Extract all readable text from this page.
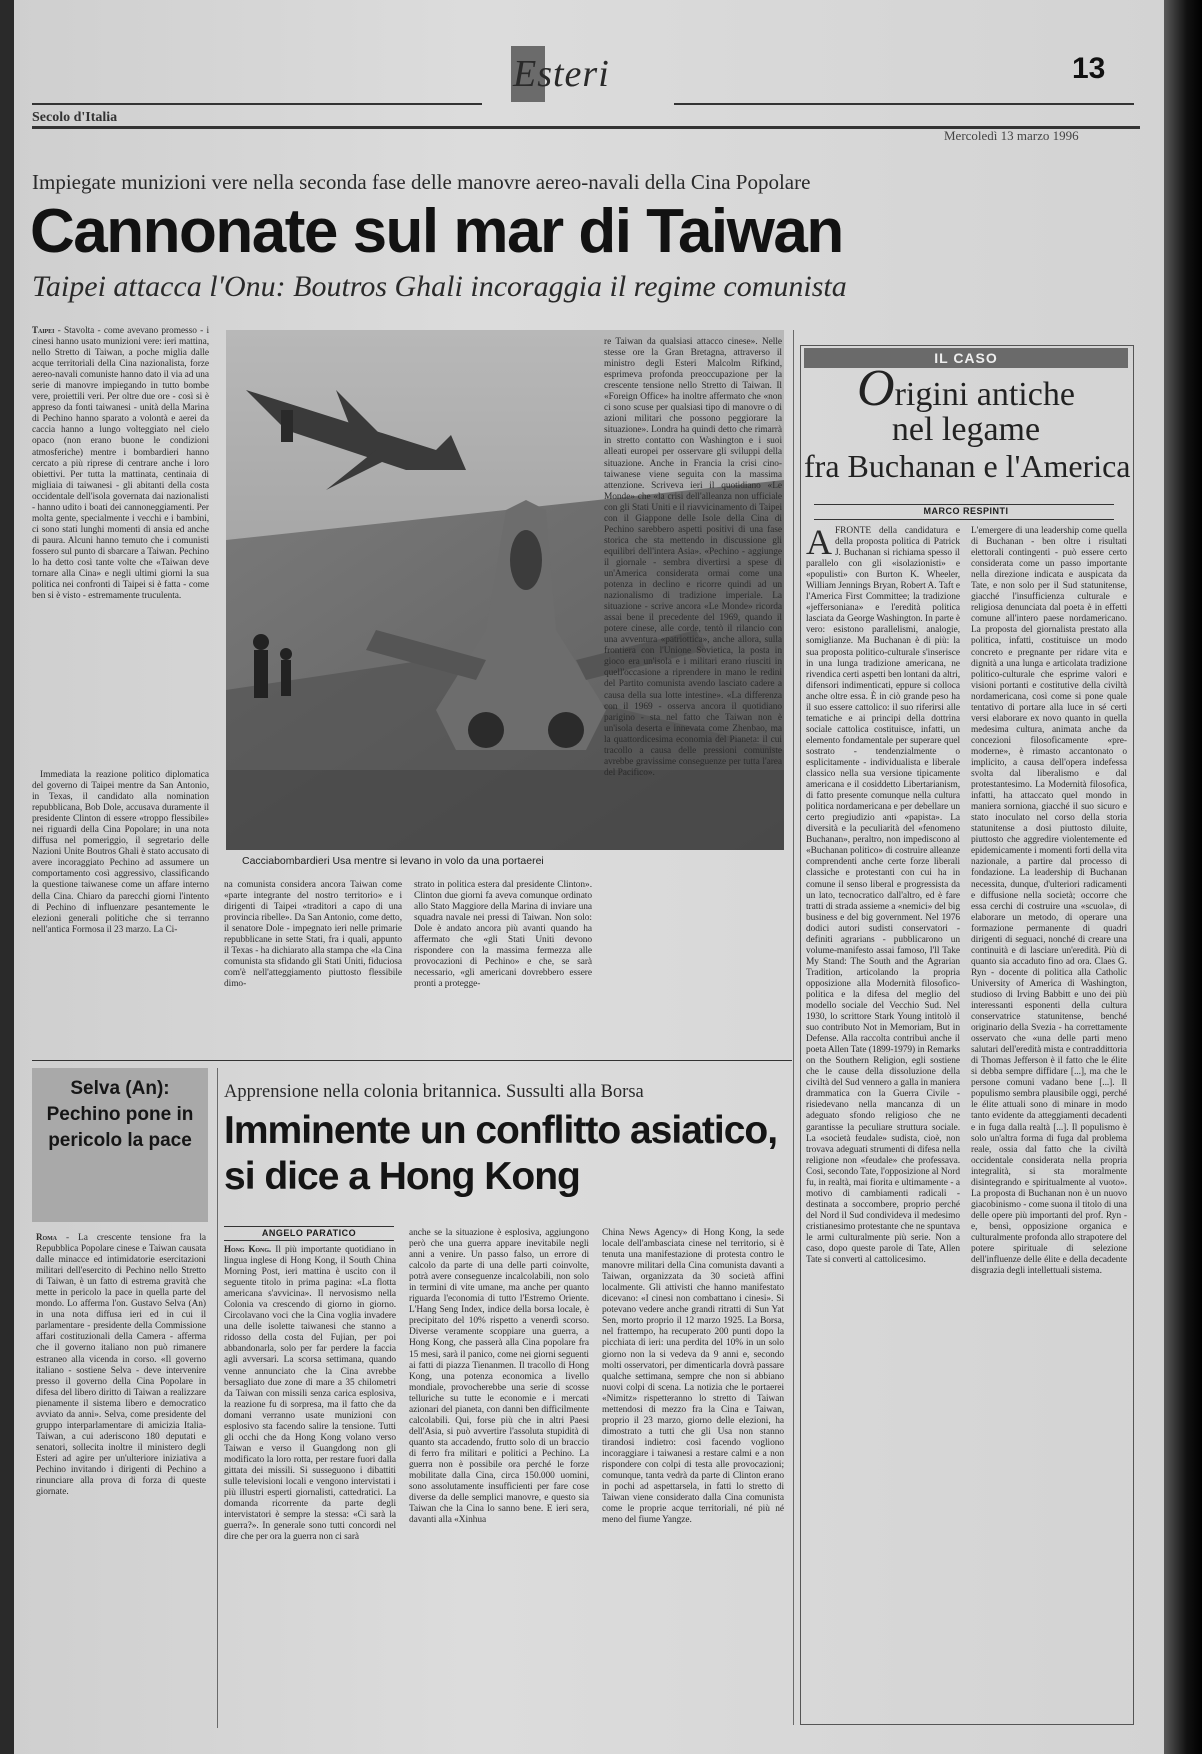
Esteri	13
Secolo d'Italia
Mercoledì 13 marzo 1996
Impiegate munizioni vere nella seconda fase delle manovre aereo-navali della Cina Popolare
Cannonate sul mar di Taiwan
Taipei attacca l'Onu: Boutros Ghali incoraggia il regime comunista

Taipei - Stavolta - come avevano promesso - i cinesi hanno usato munizioni vere: ieri mattina, nello Stretto di Taiwan, a poche miglia dalle acque territoriali della Cina nazionalista, forze aereo-navali comuniste hanno dato il via ad una serie di manovre impiegando in tutto bombe vere, proiettili veri. Per oltre due ore - così si è appreso da fonti taiwanesi - unità della Marina di Pechino hanno sparato a volontà e aerei da caccia hanno a lungo volteggiato nel cielo opaco (non erano buone le condizioni atmosferiche) mentre i bombardieri hanno cercato a più riprese di centrare anche i loro obiettivi. Per tutta la mattinata, centinaia di migliaia di taiwanesi - gli abitanti della costa occidentale dell'isola governata dai nazionalisti - hanno udito i boati dei cannoneggiamenti. Per molta gente, specialmente i vecchi e i bambini, ci sono stati lunghi momenti di ansia ed anche di paura. Alcuni hanno temuto che i comunisti fossero sul punto di sbarcare a Taiwan. Pechino lo ha detto così tante volte che «Taiwan deve tornare alla Cina» e negli ultimi giorni la sua politica nei confronti di Taipei si è fatta - come ben si è visto - estremamente truculenta.

Immediata la reazione politico diplomatica del governo di Taipei mentre da San Antonio, in Texas, il candidato alla nomination repubblicana, Bob Dole, accusava duramente il presidente Clinton di essere «troppo flessibile» nei riguardi della Cina Popolare; in una nota diffusa nel pomeriggio, il segretario delle Nazioni Unite Boutros Ghali è stato accusato di avere incoraggiato Pechino ad assumere un comportamento così aggressivo, classificando la questione taiwanese come un affare interno della Cina. Chiaro da parecchi giorni l'intento di Pechino di influenzare pesantemente le elezioni generali politiche che si terranno nell'antica Formosa il 23 marzo. La Ci-

Cacciabombardieri Usa mentre si levano in volo da una portaerei

na comunista considera ancora Taiwan come «parte integrante del nostro territorio» e i dirigenti di Taipei «traditori a capo di una provincia ribelle». Da San Antonio, come detto, il senatore Dole - impegnato ieri nelle primarie repubblicane in sette Stati, fra i quali, appunto il Texas - ha dichiarato alla stampa che «la Cina comunista sta sfidando gli Stati Uniti, fiduciosa com'è nell'atteggiamento piuttosto flessibile dimo-

strato in politica estera dal presidente Clinton». Clinton due giorni fa aveva comunque ordinato allo Stato Maggiore della Marina di inviare una squadra navale nei pressi di Taiwan. Non solo: Dole è andato ancora più avanti quando ha affermato che «gli Stati Uniti devono rispondere con la massima fermezza alle provocazioni di Pechino» e che, se sarà necessario, «gli americani dovrebbero essere pronti a protegge-

re Taiwan da qualsiasi attacco cinese». Nelle stesse ore la Gran Bretagna, attraverso il ministro degli Esteri Malcolm Rifkind, esprimeva profonda preoccupazione per la crescente tensione nello Stretto di Taiwan. Il «Foreign Office» ha inoltre affermato che «non ci sono scuse per qualsiasi tipo di manovre o di azioni militari che possono peggiorare la situazione». Londra ha quindi detto che rimarrà in stretto contatto con Washington e i suoi alleati europei per osservare gli sviluppi della situazione. Anche in Francia la crisi cino-taiwanese viene seguita con la massima attenzione. Scriveva ieri il quotidiano «Le Monde» che «la crisi dell'alleanza non ufficiale con gli Stati Uniti e il riavvicinamento di Taipei con il Giappone delle Isole della Cina di Pechino sarebbero aspetti positivi di una fase storica che sta mettendo in discussione gli equilibri dell'intera Asia». «Pechino - aggiunge il giornale - sembra divertirsi a spese di un'America considerata ormai come una potenza in declino e ricorre quindi ad un nazionalismo di tradizione imperiale. La situazione - scrive ancora «Le Monde» ricorda assai bene il precedente del 1969, quando il potere cinese, alle corde, tentò il rilancio con una avventura «patriottica», anche allora, sulla frontiera con l'Unione Sovietica, la posta in gioco era un'isola e i militari erano riusciti in quell'occasione a riprendere in mano le redini del Partito comunista avendo lasciato cadere a causa della sua lotte intestine». «La differenza con il 1969 - osserva ancora il quotidiano parigino - sta nel fatto che Taiwan non è un'isola deserta e innevata come Zhenbao, ma la quattordicesima economia del Pianeta: il cui tracollo a causa delle pressioni comuniste avrebbe gravissime conseguenze per tutta l'area del Pacifico».

IL CASO
Origini antiche
nel legame
fra Buchanan e l'America
MARCO RESPINTI

A FRONTE della candidatura e della proposta politica di Patrick J. Buchanan si richiama spesso il parallelo con gli «isolazionisti» e «populisti» con Burton K. Wheeler, William Jennings Bryan, Robert A. Taft e l'America First Committee; la tradizione «jeffersoniana» e l'eredità politica lasciata da George Washington. In parte è vero: esistono parallelismi, analogie, somiglianze. Ma Buchanan è di più: la sua proposta politico-culturale s'inserisce in una lunga tradizione americana, ne rivendica certi aspetti ben lontani da altri, difensori indimenticati, eppure si colloca anche oltre essa. È in ciò grande peso ha il suo essere cattolico: il suo riferirsi alle tematiche e ai principi della dottrina sociale cattolica costituisce, infatti, un elemento fondamentale per superare quel sostrato - tendenzialmente o esplicitamente - individualista e liberale classico nella sua versione tipicamente americana e il cosiddetto Libertarianism, di fatto presente comunque nella cultura politica nordamericana e per debellare un certo pregiudizio anti «papista». La diversità e la peculiarità del «fenomeno Buchanan», peraltro, non impediscono al «Buchanan politico» di costruire alleanze comprendenti anche certe forze liberali classiche e protestanti con cui ha in comune il senso liberal e progressista da un lato, tecnocratico dall'altro, ed è fare tratti di strada assieme a «nemici» del big business e del big government. Nel 1976 dodici autori sudisti conservatori - definiti agrarians - pubblicarono un volume-manifesto assai famoso, I'll Take My Stand: The South and the Agrarian Tradition, articolando la propria opposizione alla Modernità filosofico-politica e la difesa del meglio del modello sociale del Vecchio Sud. Nel 1930, lo scrittore Stark Young intitolò il suo contributo Not in Memoriam, But in Defense. Alla raccolta contribuì anche il poeta Allen Tate (1899-1979) in Remarks on the Southern Religion, egli sostiene che le cause della dissoluzione della civiltà del Sud vennero a galla in maniera drammatica con la Guerra Civile - risiedevano nella mancanza di un adeguato sfondo religioso che ne garantisse la peculiare struttura sociale. La «società feudale» sudista, cioè, non trovava adeguati strumenti di difesa nella religione non «feudale» che professava. Così, secondo Tate, l'opposizione al Nord fu, in realtà, mai fiorita e ultimamente - a motivo di cambiamenti radicali - destinata a soccombere, proprio perché del Nord il Sud condivideva il medesimo cristianesimo protestante che ne spuntava le armi culturalmente più serie. Non a caso, dopo queste parole di Tate, Allen Tate si convertì al cattolicesimo.

L'emergere di una leadership come quella di Buchanan - ben oltre i risultati elettorali contingenti - può essere certo considerata come un passo importante nella direzione indicata e auspicata da Tate, e non solo per il Sud statunitense, giacché l'insufficienza culturale e religiosa denunciata dal poeta è in effetti comune all'intero paese nordamericano. La proposta del giornalista prestato alla politica, infatti, costituisce un modo concreto e pregnante per ridare vita e dignità a una lunga e articolata tradizione politico-culturale che esprime valori e visioni portanti e costitutive della civiltà nordamericana, così come si pone quale tentativo di portare alla luce in sé certi versi elaborare ex novo quanto in quella medesima cultura, animata anche da concezioni filosoficamente «pre-moderne», è rimasto accantonato o implicito, a causa dell'opera indefessa svolta dal liberalismo e dal protestantesimo. La Modernità filosofica, infatti, ha attaccato quel mondo in maniera sorniona, giacché il suo sicuro e stato inoculato nel corso della storia statunitense a dosi piuttosto diluite, piuttosto che aggredire violentemente ed epidemicamente i momenti forti della vita nazionale, a partire dal processo di fondazione. La leadership di Buchanan necessita, dunque, d'ulteriori radicamenti e diffusione nella società; occorre che essa cerchi di costruire una «scuola», di elaborare un metodo, di operare una formazione permanente di quadri dirigenti di seguaci, nonché di creare una continuità e di lasciare un'eredità. Più di quanto sia accaduto fino ad ora. Claes G. Ryn - docente di politica alla Catholic University of America di Washington, studioso di Irving Babbitt e uno dei più interessanti esponenti della cultura conservatrice statunitense, benché originario della Svezia - ha correttamente osservato che «una delle parti meno salutari dell'eredità mista e contraddittoria di Thomas Jefferson è il fatto che le élite si debba sempre diffidare [...], ma che le persone comuni vadano bene [...]. Il populismo sembra plausibile oggi, perché le élite attuali sono di minare in modo tanto evidente da atteggiamenti decadenti e in fuga dalla realtà [...]. Il populismo è solo un'altra forma di fuga dal problema reale, ossia dal fatto che la civiltà occidentale considerata nella propria integralità, si sta moralmente disintegrando e spiritualmente al vuoto». La proposta di Buchanan non è un nuovo giacobinismo - come suona il titolo di una delle opere più importanti del prof. Ryn - e, bensì, opposizione organica e culturalmente profonda allo strapotere del potere spirituale di selezione dell'influenze delle élite e della decadente disgrazia degli intellettuali sistema.

Selva (An): Pechino pone in pericolo la pace

Roma - La crescente tensione fra la Repubblica Popolare cinese e Taiwan causata dalle minacce ed intimidatorie esercitazioni militari dell'esercito di Pechino nello Stretto di Taiwan, è un fatto di estrema gravità che mette in pericolo la pace in quella parte del mondo. Lo afferma l'on. Gustavo Selva (An) in una nota diffusa ieri ed in cui il parlamentare - presidente della Commissione affari costituzionali della Camera - afferma che il governo italiano non può rimanere estraneo alla vicenda in corso. «Il governo italiano - sostiene Selva - deve intervenire presso il governo della Cina Popolare in difesa del libero diritto di Taiwan a realizzare pienamente il sistema libero e democratico avviato da anni». Selva, come presidente del gruppo interparlamentare di amicizia Italia-Taiwan, a cui aderiscono 180 deputati e senatori, sollecita inoltre il ministero degli Esteri ad agire per un'ulteriore iniziativa a Pechino invitando i dirigenti di Pechino a rinunciare alla prova di forza di queste giornate.

Apprensione nella colonia britannica. Sussulti alla Borsa
Imminente un conflitto asiatico, si dice a Hong Kong
ANGELO PARATICO

Hong Kong. Il più importante quotidiano in lingua inglese di Hong Kong, il South China Morning Post, ieri mattina è uscito con il seguente titolo in prima pagina: «La flotta americana s'avvicina». Il nervosismo nella Colonia va crescendo di giorno in giorno. Circolavano voci che la Cina voglia invadere una delle isolette taiwanesi che stanno a ridosso della costa del Fujian, per poi abbandonarla, solo per far perdere la faccia agli avversari. La scorsa settimana, quando venne annunciato che la Cina avrebbe bersagliato due zone di mare a 35 chilometri da Taiwan con missili senza carica esplosiva, la reazione fu di sorpresa, ma il fatto che da domani verranno usate munizioni con esplosivo sta facendo salire la tensione. Tutti gli occhi che da Hong Kong volano verso Taiwan e verso il Guangdong non gli modificato la loro rotta, per restare fuori dalla gittata dei missili. Si susseguono i dibattiti sulle televisioni locali e vengono intervistati i più illustri esperti giornalisti, cattedratici. La domanda ricorrente da parte degli intervistatori è sempre la stessa: «Ci sarà la guerra?». In generale sono tutti concordi nel dire che per ora la guerra non ci sarà

anche se la situazione è esplosiva, aggiungono però che una guerra appare inevitabile negli anni a venire. Un passo falso, un errore di calcolo da parte di una delle parti coinvolte, potrà avere conseguenze incalcolabili, non solo in termini di vite umane, ma anche per quanto riguarda l'economia di tutto l'Estremo Oriente. L'Hang Seng Index, indice della borsa locale, è precipitato del 10% rispetto a venerdì scorso. Diverse veramente scoppiare una guerra, a Hong Kong, che passerà alla Cina popolare fra 15 mesi, sarà il panico, come nei giorni seguenti ai fatti di piazza Tienanmen. Il tracollo di Hong Kong, una potenza economica a livello mondiale, provocherebbe una serie di scosse telluriche su tutte le economie e i mercati azionari del pianeta, con danni ben difficilmente calcolabili. Qui, forse più che in altri Paesi dell'Asia, si può avvertire l'assoluta stupidità di quanto sta accadendo, frutto solo di un braccio di ferro fra militari e politici a Pechino. La guerra non è possibile ora perché le forze mobilitate dalla Cina, circa 150.000 uomini, sono assolutamente insufficienti per fare cose diverse da delle semplici manovre, e questo sia Taiwan che la Cina lo sanno bene. E ieri sera, davanti alla «Xinhua

China News Agency» di Hong Kong, la sede locale dell'ambasciata cinese nel territorio, si è tenuta una manifestazione di protesta contro le manovre militari della Cina comunista davanti a Taiwan, organizzata da 30 società affini localmente. Gli attivisti che hanno manifestato dicevano: «I cinesi non combattano i cinesi». Si potevano vedere anche grandi ritratti di Sun Yat Sen, morto proprio il 12 marzo 1925. La Borsa, nel frattempo, ha recuperato 200 punti dopo la picchiata di ieri: una perdita del 10% in un solo giorno non la si vedeva da 9 anni e, secondo molti osservatori, per dimenticarla dovrà passare qualche settimana, sempre che non si abbiano nuovi colpi di scena. La notizia che le portaerei «Nimitz» rispetteranno lo stretto di Taiwan mettendosi di mezzo fra la Cina e Taiwan, proprio il 23 marzo, giorno delle elezioni, ha dimostrato a tutti che gli Usa non stanno tirandosi indietro: così facendo vogliono incoraggiare i taiwanesi a restare calmi e a non rispondere con colpi di testa alle provocazioni; comunque, tanta vedrà da parte di Clinton erano in pochi ad aspettarsela, in fatti lo stretto di Taiwan viene considerato dalla Cina comunista come le proprie acque territoriali, né più né meno del fiume Yangze.
